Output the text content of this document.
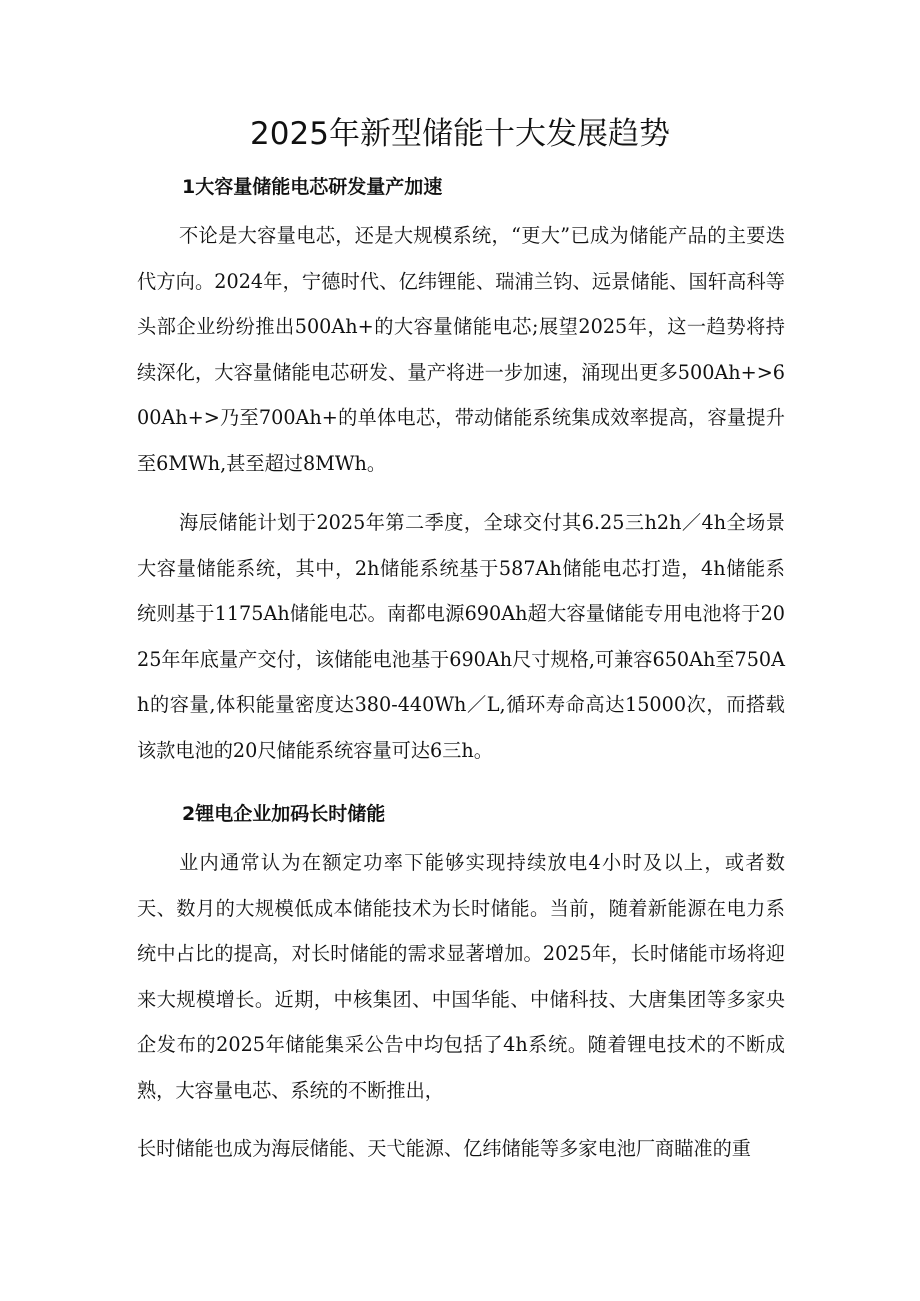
2025年新型储能十大发展趋势
1大容量储能电芯研发量产加速

不论是大容量电芯，还是大规模系统，“更大”已成为储能产品的主要迭代方向。2024年，宁德时代、亿纬锂能、瑞浦兰钧、远景储能、国轩高科等头部企业纷纷推出500Ah+的大容量储能电芯;展望2025年，这一趋势将持续深化，大容量储能电芯研发、量产将进一步加速，涌现出更多500Ah+>600Ah+>乃至700Ah+的单体电芯，带动储能系统集成效率提高，容量提升至6MWh,甚至超过8MWh。

海辰储能计划于2025年第二季度，全球交付其6.25三h2h／4h全场景大容量储能系统，其中，2h储能系统基于587Ah储能电芯打造，4h储能系统则基于1175Ah储能电芯。南都电源690Ah超大容量储能专用电池将于2025年年底量产交付，该储能电池基于690Ah尺寸规格,可兼容650Ah至750Ah的容量,体积能量密度达380-440Wh／L,循环寿命高达15000次，而搭载该款电池的20尺储能系统容量可达6三h。

2锂电企业加码长时储能

业内通常认为在额定功率下能够实现持续放电4小时及以上，或者数天、数月的大规模低成本储能技术为长时储能。当前，随着新能源在电力系统中占比的提高，对长时储能的需求显著增加。2025年，长时储能市场将迎来大规模增长。近期，中核集团、中国华能、中储科技、大唐集团等多家央企发布的2025年储能集采公告中均包括了4h系统。随着锂电技术的不断成熟，大容量电芯、系统的不断推出，

长时储能也成为海辰储能、天弋能源、亿纬储能等多家电池厂商瞄准的重
